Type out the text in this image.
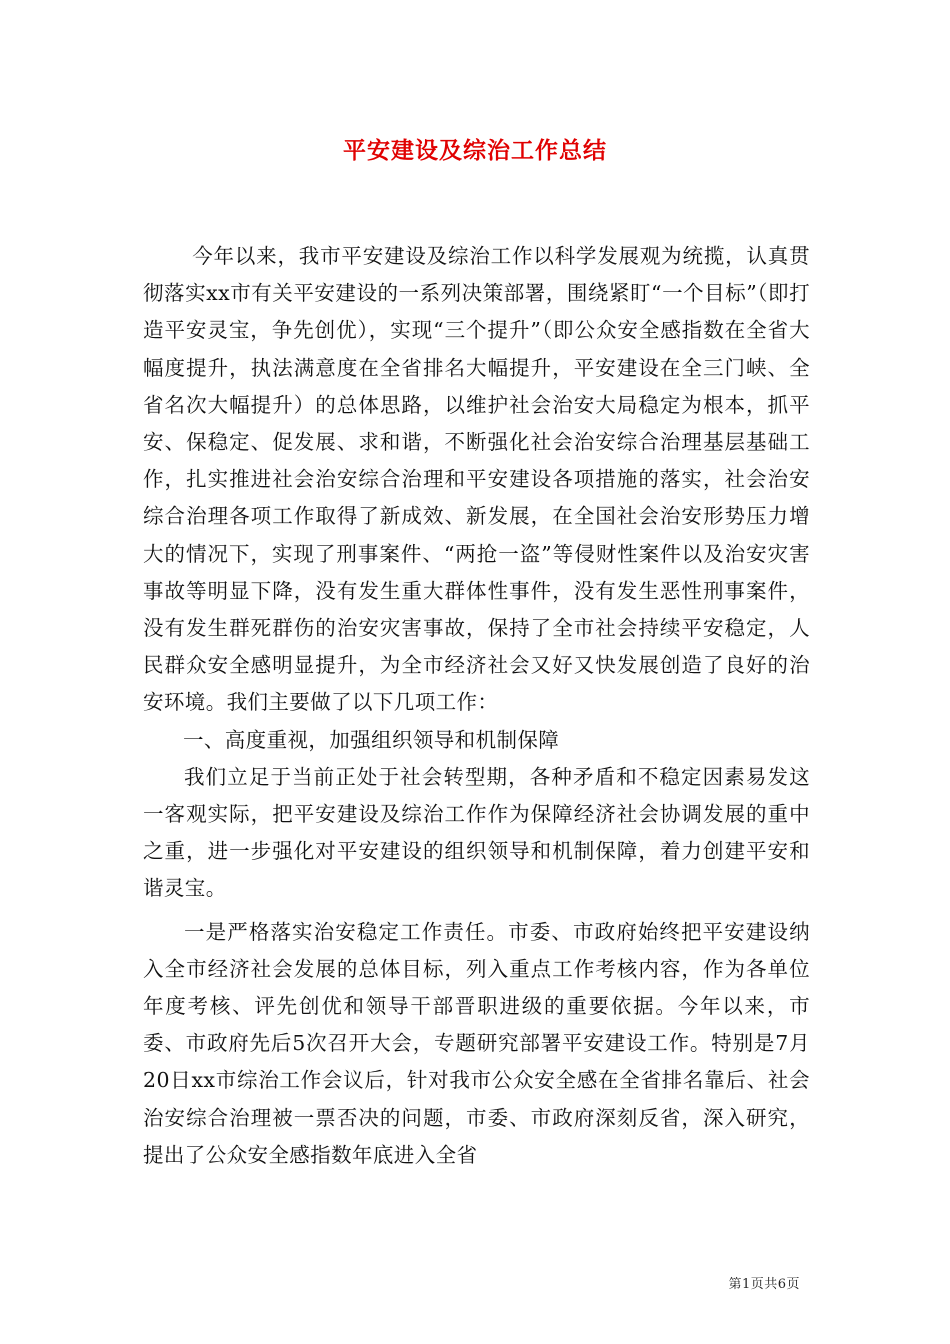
平安建设及综治工作总结

今年以来，我市平安建设及综治工作以科学发展观为统揽，认真贯彻落实xx市有关平安建设的一系列决策部署，围绕紧盯“一个目标”（即打造平安灵宝，争先创优），实现“三个提升”（即公众安全感指数在全省大幅度提升，执法满意度在全省排名大幅提升，平安建设在全三门峡、全省名次大幅提升）的总体思路，以维护社会治安大局稳定为根本，抓平安、保稳定、促发展、求和谐，不断强化社会治安综合治理基层基础工作，扎实推进社会治安综合治理和平安建设各项措施的落实，社会治安综合治理各项工作取得了新成效、新发展，在全国社会治安形势压力增大的情况下，实现了刑事案件、“两抢一盗”等侵财性案件以及治安灾害事故等明显下降，没有发生重大群体性事件，没有发生恶性刑事案件，没有发生群死群伤的治安灾害事故，保持了全市社会持续平安稳定，人民群众安全感明显提升，为全市经济社会又好又快发展创造了良好的治安环境。我们主要做了以下几项工作：

一、高度重视，加强组织领导和机制保障

我们立足于当前正处于社会转型期，各种矛盾和不稳定因素易发这一客观实际，把平安建设及综治工作作为保障经济社会协调发展的重中之重，进一步强化对平安建设的组织领导和机制保障，着力创建平安和谐灵宝。

一是严格落实治安稳定工作责任。市委、市政府始终把平安建设纳入全市经济社会发展的总体目标，列入重点工作考核内容，作为各单位年度考核、评先创优和领导干部晋职进级的重要依据。今年以来，市委、市政府先后5次召开大会，专题研究部署平安建设工作。特别是7月20日xx市综治工作会议后，针对我市公众安全感在全省排名靠后、社会治安综合治理被一票否决的问题，市委、市政府深刻反省，深入研究，提出了公众安全感指数年底进入全省

第1页共6页
